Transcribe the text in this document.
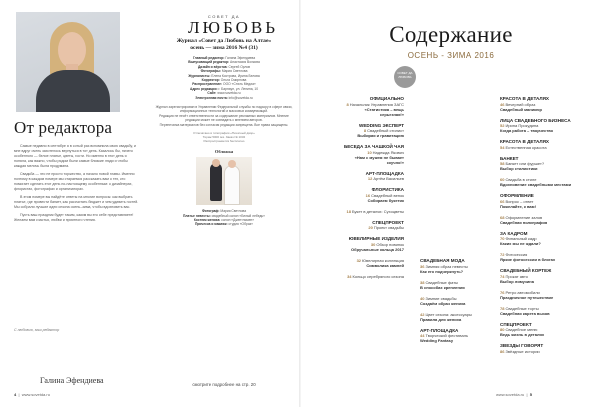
От редактора

Самые недавно в сентябре я в сотый раз вспомнила свою свадьбу, и мне вдруг очень захотелось вернуться в тот день. Казалось бы, ничего особенного — белое платье, цветы, гости. Но именно в этот день я поняла, как важно, чтобы рядом были самые близкие люди и чтобы каждая мелочь была продумана.

Свадьба — это не просто торжество, а начало новой главы. Именно поэтому в каждом номере мы стараемся рассказать вам о тех, кто помогает сделать этот день по-настоящему особенным: о дизайнерах, флористах, фотографах и организаторах.

В этом номере вы найдёте ответы на многие вопросы: как выбрать платье, где провести банкет, как рассчитать бюджет и чем удивить гостей. Мы собрали лучшие идеи сезона осень–зима, чтобы вдохновить вас.

Пусть ваш праздник будет таким, каким вы его себе представляете! Желаем вам счастья, любви и приятного чтения.

С любовью, ваш редактор
Галина Эфендиева
СОВЕТ ДА
ЛЮБОВЬ
Журнал «Совет да Любовь на Алтае»
осень — зима 2016 №4 (31)
Главный редактор: Галина Эфендиева
Выпускающий редактор: Анастасия Волкова
Дизайн и вёрстка: Сергей Орлов
Фотографы: Мария Светлова
Журналисты: Елена Кострова, Ирина Белова
Корректор: Ольга Смирнова
Распространение: ООО «Стиль Медиа»
Адрес редакции: г. Барнаул, ул. Ленина, 10
Сайт: www.sovetda.ru
Электронная почта: info@sovetda.ru
Журнал зарегистрирован в Управлении Федеральной службы по надзору в сфере связи, информационных технологий и массовых коммуникаций.
Редакция не несёт ответственности за содержание рекламных материалов. Мнение редакции может не совпадать с мнением авторов.
Перепечатка материалов без согласия редакции запрещена. Все права защищены.
Отпечатано в типографии «Печатный двор»
Тираж 5000 экз. Заказ № 1032
Распространяется бесплатно
Обложка
Фотограф: Мария Светлова
Платье невесты: свадебный салон «Белый лебедь»
Костюм жениха: салон «Джентльмен»
Прическа и макияж: студия «Образ»
смотрите подробнее на стр. 20
4  |  www.sovetda.ru
Содержание
ОСЕНЬ - ЗИМА 2016
СОВЕТ ДА ЛЮБОВЬ
ОФИЦИАЛЬНО
8Начальник Управления ЗАГС
«Статистика – вещь серьезная!»
WEDDING ЭКСПЕРТ
8Свадебный стилист
Выбирая и гравитацию
БЕСЕДА ЗА ЧАШКОЙ ЧАЯ
10Надежда Якович
«Нам с мужем не бывает скучно!»
АРТ-ПЛОЩАДКА
12Артём Васильев
ФЛОРИСТИКА
16Свадебный венок
Собираем букетик
18Букет в деталях: Сухоцветы
СПЕЦПРОЕКТ
20Проект свадьбы
ЮВЕЛИРНЫЕ ИЗДЕЛИЯ
30Обзор новинок
Обручальные кольца 2017
32Ювелирная коллекция
Символика камней
34Кольцо серебряного сезона
СВАДЕБНАЯ МОДА
36Зимняя образ невесты
Как его подчеркнуть?
38Свадебные фаты
В способах крепления
40Зимние свадьбы
Создаём образ жениха
42Цвет сезона: аксессуары
Правила для жениха
АРТ-ПЛОЩАДКА
44Творческий фестиваль
Wedding Fantasy
КРАСОТА В ДЕТАЛЯХ
46Вечерний образ
Свадебный маникюр
ЛИЦА СВАДЕБНОГО БИЗНЕСА
52Ирина Прокудина
Когда работа – творчество
КРАСОТА В ДЕТАЛЯХ
54Естественная красота
БАНКЕТ
58Банкет или фуршет?
Выбор стилистики
60Свадьба в стиле
Вдохновение свадебными местами
ОФОРМЛЕНИЕ
66Вопрос – ответ
Пожелайте, к вам!
68Оформление залов
Свадебная полиграфия
ЗА КАДРОМ
70Финальный кадр
Каких мы не ждали?
72Фотосессия
Яркие фотосессии в блогах
СВАДЕБНЫЙ КОРТЕЖ
74Прокат авто
Выбор лимузина
76Ретро автомобили
Праздничное путешествие
78Свадебные торты
Свадебная карета вызов
СПЕЦПРОЕКТ
80Свадебное меню
Ведь жизнь в деталях
ЗВЕЗДЫ ГОВОРЯТ
86Звёздные истории
www.sovetda.ru  |  5
